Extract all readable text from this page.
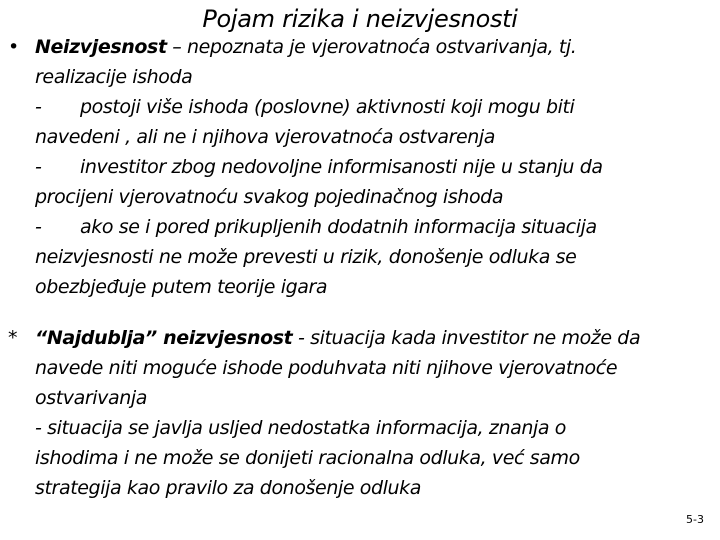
Pojam rizika i neizvjesnosti
• Neizvjesnost – nepoznata je vjerovatnoća ostvarivanja, tj.
realizacije ishoda
- postoji više ishoda (poslovne) aktivnosti koji mogu biti
navedeni , ali ne i njihova vjerovatnoća ostvarenja
- investitor zbog nedovoljne informisanosti nije u stanju da
procijeni vjerovatnoću svakog pojedinačnog ishoda
- ako se i pored prikupljenih dodatnih informacija situacija
neizvjesnosti ne može prevesti u rizik, donošenje odluka se
obezbjeđuje putem teorije igara
* “Najdublja” neizvjesnost - situacija kada investitor ne može da
navede niti moguće ishode poduhvata niti njihove vjerovatnoće
ostvarivanja
- situacija se javlja usljed nedostatka informacija, znanja o
ishodima i ne može se donijeti racionalna odluka, već samo
strategija kao pravilo za donošenje odluka
5-3
